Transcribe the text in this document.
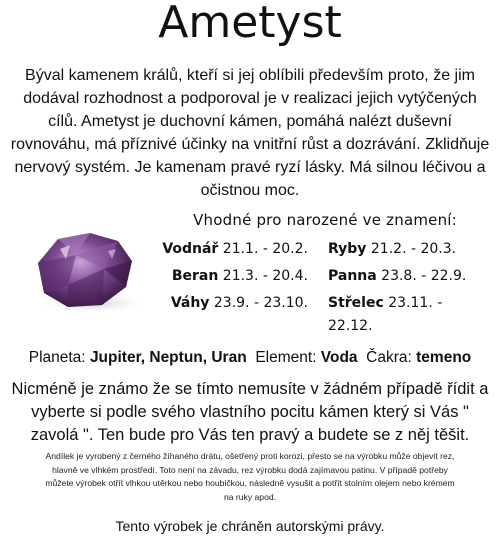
Ametyst
Býval kamenem králů, kteří si jej oblíbili především proto, že jim dodával rozhodnost a podporoval je v realizaci jejich vytýčených cílů. Ametyst je duchovní kámen, pomáhá nalézt duševní rovnováhu, má příznivé účinky na vnitřní růst a dozrávání. Zklidňuje nervový systém. Je kamenam pravé ryzí lásky. Má silnou léčivou a očistnou moc.
Vhodné pro narozené ve znamení:
Vodnář 21.1. - 20.2.	Ryby 21.2. - 20.3.
Beran 21.3. - 20.4.	Panna 23.8. - 22.9.
Váhy 23.9. - 23.10.	Střelec 23.11. - 22.12.
Planeta: Jupiter, Neptun, Uran Element: Voda Čakra: temeno
Nicméně je známo že se tímto nemusíte v žádném případě řídit a vyberte si podle svého vlastního pocitu kámen který si Vás " zavolá ". Ten bude pro Vás ten pravý a budete se z něj těšit.
Andílek je vyrobený z černého žíhaného drátu, ošetřený proti korozi, přesto se na výrobku může objevit rez, hlavně ve vlhkém prostředí. Toto není na závadu, rez výrobku dodá zajímavou patinu. V případě potřeby můžete výrobek otřít vlhkou utěrkou nebo houbičkou, následně vysušit a potřít stolním olejem nebo krémem na ruky apod.
Tento výrobek je chráněn autorskými právy.
